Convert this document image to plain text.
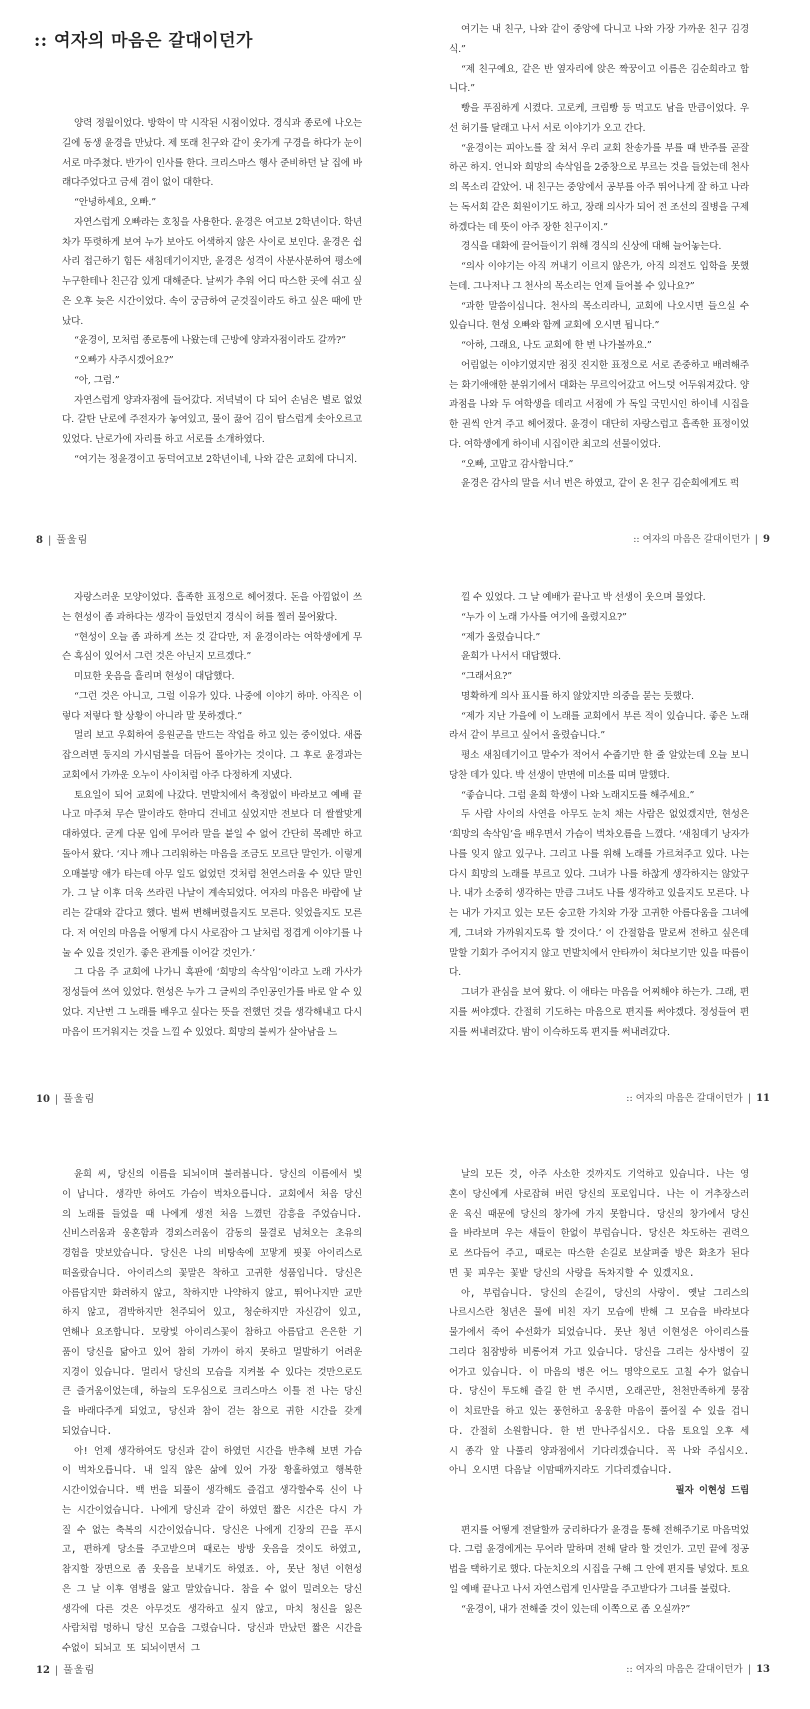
:: 여자의 마음은 갈대이던가

양력 정월이었다. 방학이 막 시작된 시점이었다. 경식과 종로에 나오는 길에 동생 윤경을 만났다. 제 또래 친구와 같이 옷가게 구경을 하다가 눈이 서로 마주쳤다. 반가이 인사를 한다. 크리스마스 행사 준비하던 날 집에 바래다주었다고 금세 겸이 없이 대한다.

“안녕하세요, 오빠.”

자연스럽게 오빠라는 호칭을 사용한다. 윤경은 여고보 2학년이다. 학년차가 뚜렷하게 보여 누가 보아도 어색하지 않은 사이로 보인다. 윤경은 쉽사리 접근하기 힘든 새침데기이지만, 윤경은 성격이 사분사분하여 평소에 누구한테나 친근감 있게 대해준다. 날씨가 추워 어디 따스한 곳에 쉬고 싶은 오후 늦은 시간이었다. 속이 궁금하여 군것질이라도 하고 싶은 때에 만났다.

“윤경이, 모처럼 종로통에 나왔는데 근방에 양과자점이라도 갈까?”

“오빠가 사주시겠어요?”

“아, 그럼.”

자연스럽게 양과자점에 들어갔다. 저녁녘이 다 되어 손님은 별로 없었다. 갈탄 난로에 주전자가 놓여있고, 물이 끓어 김이 탐스럽게 솟아오르고 있었다. 난로가에 자리를 하고 서로를 소개하였다.

“여기는 정윤경이고 동덕여고보 2학년이네, 나와 같은 교회에 다니지.

8 | 풀울림

여기는 내 친구, 나와 같이 중앙에 다니고 나와 가장 가까운 친구 김경식.”

“제 친구예요, 같은 반 옆자리에 앉은 짝꿍이고 이름은 김순희라고 합니다.”

빵을 푸짐하게 시켰다. 고로케, 크림빵 등 먹고도 남을 만큼이었다. 우선 허기를 달래고 나서 서로 이야기가 오고 간다.

“윤경이는 피아노를 잘 쳐서 우리 교회 찬송가를 부를 때 반주를 곧잘 하곤 하지. 언니와 희망의 속삭임을 2중창으로 부르는 것을 들었는데 천사의 목소리 같았어. 내 친구는 중앙에서 공부를 아주 뛰어나게 잘 하고 나라는 독서회 같은 회원이기도 하고, 장래 의사가 되어 전 조선의 질병을 구제하겠다는 데 뜻이 아주 장한 친구이지.”

경식을 대화에 끌어들이기 위해 경식의 신상에 대해 늘어놓는다.

“의사 이야기는 아직 꺼내기 이르지 않은가, 아직 의전도 입학을 못했는데. 그나저나 그 천사의 목소리는 언제 들어볼 수 있나요?”

“과한 말씀이십니다. 천사의 목소리라니, 교회에 나오시면 들으실 수 있습니다. 현성 오빠와 함께 교회에 오시면 됩니다.”

“아하, 그래요, 나도 교회에 한 번 나가볼까요.”

어림없는 이야기였지만 점짓 진지한 표정으로 서로 존중하고 배려해주는 화기애애한 분위기에서 대화는 무르익어갔고 어느덧 어두워져갔다. 양과점을 나와 두 여학생을 데리고 서점에 가 독일 국민시인 하이네 시집을 한 권씩 안겨 주고 헤어졌다. 윤경이 대단히 자랑스럽고 흡족한 표정이었다. 여학생에게 하이네 시집이란 최고의 선물이었다.

“오빠, 고맙고 감사합니다.”

윤경은 감사의 말을 서너 번은 하였고, 같이 온 친구 김순희에게도 퍽

:: 여자의 마음은 갈대이던가 | 9

자랑스러운 모양이었다. 흡족한 표정으로 헤어졌다. 돈을 아낌없이 쓰는 현성이 좀 과하다는 생각이 들었던지 경식이 허를 찔러 물어왔다.

“현성이 오늘 좀 과하게 쓰는 것 같다만, 저 윤경이라는 여학생에게 무슨 흑심이 있어서 그런 것은 아닌지 모르겠다.”

미묘한 웃음을 흘리며 현성이 대답했다.

“그런 것은 아니고, 그럴 이유가 있다. 나중에 이야기 하마. 아직은 이렇다 저렇다 할 상황이 아니라 말 못하겠다.”

멀리 보고 우회하여 응원군을 만드는 작업을 하고 있는 중이었다. 새롭잡으려면 둥지의 가시덤불을 더듬어 몰아가는 것이다. 그 후로 윤경과는 교회에서 가까운 오누이 사이처럼 아주 다정하게 지냈다.

토요일이 되어 교회에 나갔다. 먼발치에서 축정없이 바라보고 예배 끝나고 마주쳐 무슨 말이라도 한마디 건네고 싶었지만 전보다 더 쌀쌀맞게 대하였다. 굳게 다문 입에 무어라 말을 붙일 수 없어 간단히 목례만 하고 돌아서 왔다. ‘지나 깨나 그리워하는 마음을 조금도 모르단 말인가. 이렇게 오매불망 애가 타는데 아무 일도 없었던 것처럼 천연스러울 수 있단 말인가. 그 날 이후 더욱 쓰라린 나날이 계속되었다. 여자의 마음은 바람에 날리는 갈대와 같다고 했다. 벌써 변해버렸을지도 모른다. 잊었을지도 모른다. 저 여인의 마음을 어떻게 다시 사로잡아 그 날처럼 정겹게 이야기를 나눌 수 있을 것인가. 좋은 관계를 이어갈 것인가.’

그 다음 주 교회에 나가니 흑판에 ‘희망의 속삭임’이라고 노래 가사가 정성들여 쓰여 있었다. 현성은 누가 그 글씨의 주인공인가를 바로 알 수 있었다. 지난번 그 노래를 배우고 싶다는 뜻을 전했던 것을 생각해내고 다시 마음이 뜨거워지는 것을 느낄 수 있었다. 희망의 불씨가 살아남을 느

10 | 풀울림

낄 수 있었다. 그 날 예배가 끝나고 박 선생이 웃으며 물었다.

“누가 이 노래 가사를 여기에 올렸지요?”

“제가 올렸습니다.”

윤희가 나서서 대답했다.

“그래서요?”

명확하게 의사 표시를 하지 않았지만 의중을 묻는 듯했다.

“제가 지난 가을에 이 노래를 교회에서 부른 적이 있습니다. 좋은 노래라서 같이 부르고 싶어서 올렸습니다.”

평소 새침데기이고 말수가 적어서 수줍기만 한 줄 알았는데 오늘 보니 당찬 데가 있다. 박 선생이 만면에 미소를 띠며 말했다.

“좋습니다. 그럼 윤희 학생이 나와 노래지도를 해주세요.”

두 사람 사이의 사연을 아무도 눈치 채는 사람은 없었겠지만, 현성은 ‘희망의 속삭임’을 배우면서 가슴이 벅차오름을 느꼈다. ‘새침데기 낭자가 나를 잊지 않고 있구나. 그리고 나를 위해 노래를 가르쳐주고 있다. 나는 다시 희망의 노래를 부르고 있다. 그녀가 나를 하찮게 생각하지는 않았구나. 내가 소중히 생각하는 만큼 그녀도 나를 생각하고 있을지도 모른다. 나는 내가 가지고 있는 모든 숭고한 가치와 가장 고귀한 아름다움을 그녀에게, 그녀와 가까워지도록 할 것이다.’ 이 간절함을 말로써 전하고 싶은데 말할 기회가 주어지지 않고 먼발치에서 안타까이 쳐다보기만 있을 따름이다.

그녀가 관심을 보여 왔다. 이 애타는 마음을 어찌해야 하는가. 그래, 편지를 써야겠다. 간절히 기도하는 마음으로 편지를 써야겠다. 정성들여 편지를 써내려갔다. 밤이 이슥하도록 편지를 써내려갔다.

:: 여자의 마음은 갈대이던가 | 11

윤희 씨, 당신의 이름을 되뇌이며 불러봅니다. 당신의 이름에서 빛이 납니다. 생각만 하여도 가슴이 벅차오릅니다. 교회에서 처음 당신의 노래를 들었을 때 나에게 생전 처음 느꼈던 감흥을 주었습니다. 신비스러움과 웅혼함과 경외스러움이 감동의 물결로 넘쳐오는 초유의 경험을 맛보았습니다. 당신은 나의 비탕속에 꼬맣게 핏꽃 아이리스로 떠올랐습니다. 아이리스의 꽃말은 착하고 고귀한 성품입니다. 당신은 아름답지만 화려하지 않고, 착하지만 나약하지 않고, 뛰어나지만 교만하지 않고, 겸박하지만 천주되어 있고, 청순하지만 자신감이 있고, 연해나 요조합니다. 모랑빛 아이리스꽃이 참하고 아름답고 은은한 기품이 당신을 닮아고 있어 참히 가까이 하지 못하고 멀발하기 어려운 지경이 있습니다. 멀리서 당신의 모습을 지켜볼 수 있다는 것만으로도 큰 즐거움이었는데, 하늘의 도우심으로 크리스마스 이틀 전 나는 당신을 바래다주게 되었고, 당신과 참이 걷는 참으로 귀한 시간을 갖게 되었습니다.

아! 언제 생각하여도 당신과 같이 하였던 시간을 반추해 보면 가슴이 벅차오릅니다. 내 일직 않은 삶에 있어 가장 황홀하였고 행복한 시간이었습니다. 백 번을 되풀이 생각해도 즐겁고 생각할수록 신이 나는 시간이었습니다. 나에게 당신과 같이 하였던 짧은 시간은 다시 가질 수 없는 축복의 시간이었습니다. 당신은 나에게 긴장의 끈을 푸시고, 편하게 당소를 주고받으며 때로는 방방 웃음을 것이도 하였고, 참지할 장면으로 좀 웃음을 보내기도 하였죠. 아, 못난 청년 이현성은 그 날 이후 염병을 앓고 말았습니다. 참을 수 없이 밀려오는 당신 생각에 다른 것은 아무것도 생각하고 싶지 않고, 마치 청신을 잃은 사람처럼 멍하니 당신 모습을 그렸습니다. 당신과 만났던 짧은 시간을 수없이 되뇌고 또 되뇌이면서 그

12 | 풀울림

날의 모든 것, 아주 사소한 것까지도 기억하고 있습니다. 나는 영혼이 당신에게 사로잡혀 버린 당신의 포로입니다. 나는 이 거추장스러운 육신 때문에 당신의 창가에 가지 못합니다. 당신의 창가에서 당신을 바라보며 우는 새들이 한없이 부럽습니다. 당신은 차도하는 권력으로 쓰다듬어 주고, 때로는 따스한 손길로 보살펴줄 방은 화초가 된다면 꽃 피우는 꽃밭 당신의 사랑을 독차지할 수 있겠지요.

아, 부럽습니다. 당신의 손길이, 당신의 사랑이. 옛날 그리스의 나르시스란 청년은 물에 비친 자기 모습에 반해 그 모습을 바라보다 물가에서 죽어 수선화가 되었습니다. 못난 청년 이현성은 아이리스를 그리다 침잠방하 비롱어져 가고 있습니다. 당신을 그리는 상사병이 깊어가고 있습니다. 이 마음의 병은 어느 명약으로도 고칠 수가 없습니다. 당신이 투도해 즐길 한 번 주시면, 오래곤만, 천천만족하게 뭉잠이 치료만을 하고 있는 풍헌하고 웅웅한 마음이 풀어질 수 있을 겁니다. 간절히 소원합니다. 한 번 만나주십시오. 다음 토요일 오후 세 시 종각 앞 나풀리 양과점에서 기다리겠습니다. 꼭 나와 주십시오. 아니 오시면 다음날 이맘때까지라도 기다리겠습니다.

필자 이현성 드림

편지를 어떻게 전달할까 궁리하다가 윤경을 통해 전해주기로 마음먹었다. 그럼 윤경에게는 무어라 말하며 전해 달라 할 것인가. 고민 끝에 정공법을 택하기로 했다. 다눈치오의 시집을 구해 그 안에 편지를 넣었다. 토요일 예배 끝나고 나서 자연스럽게 인사말을 주고받다가 그녀를 불렀다.

“윤경이, 내가 전해줄 것이 있는데 이쪽으로 좀 오실까?”

:: 여자의 마음은 갈대이던가 | 13
